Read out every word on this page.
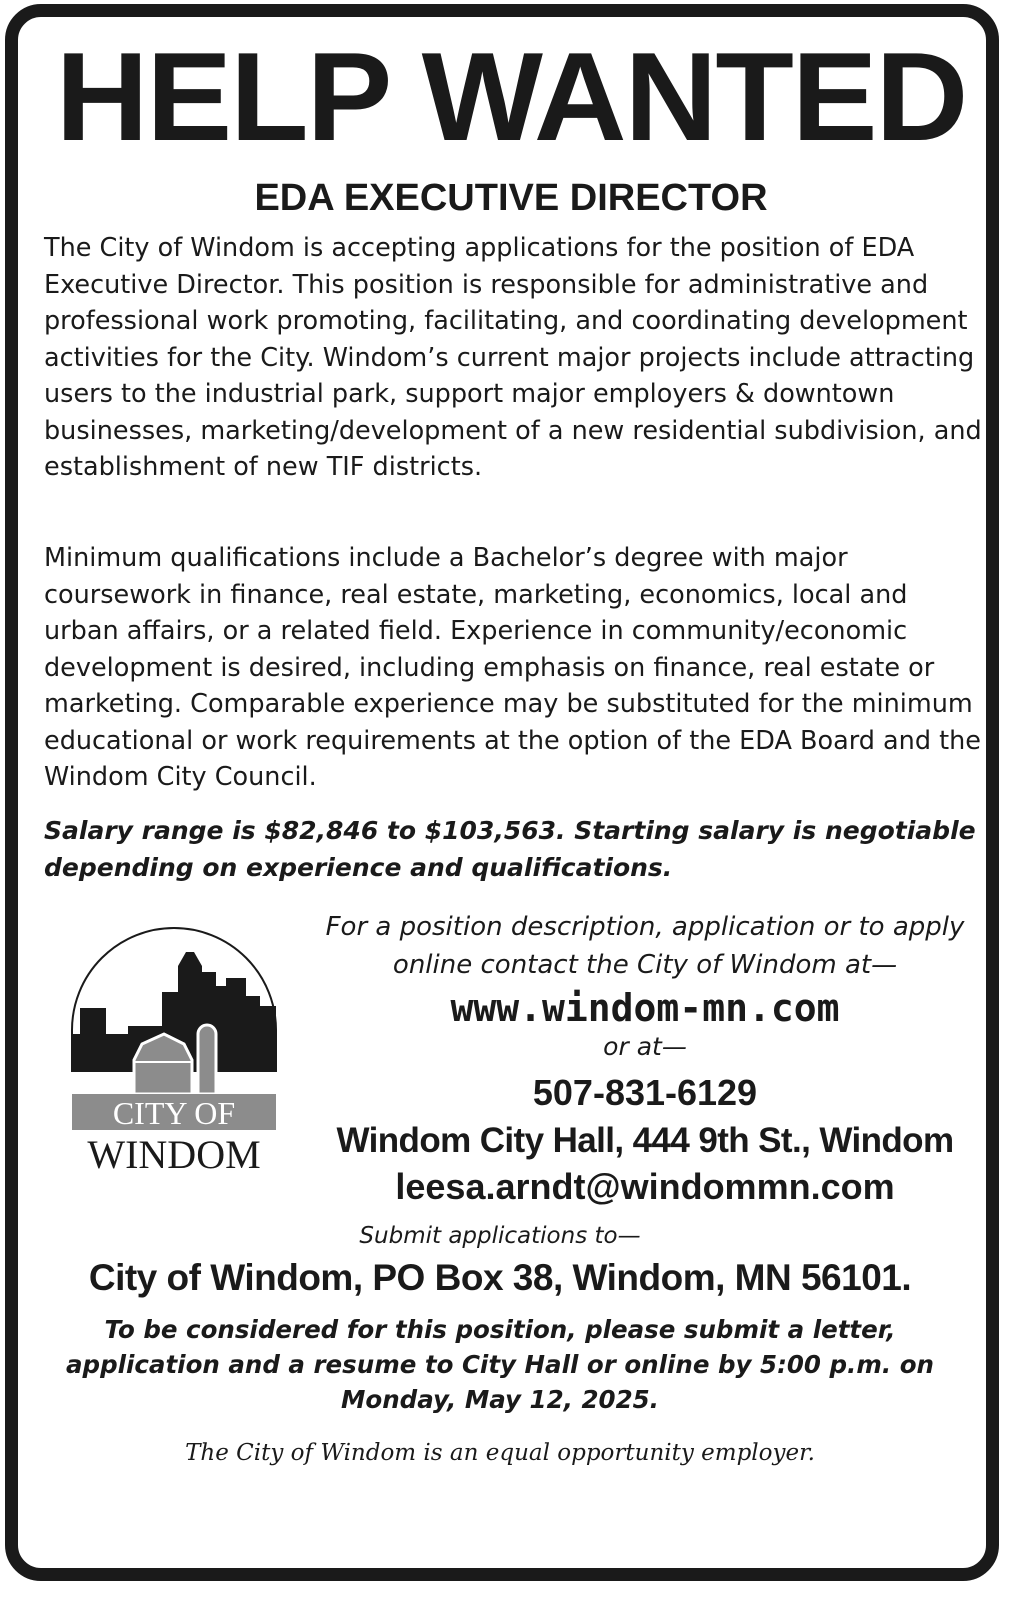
HELP WANTED
EDA EXECUTIVE DIRECTOR

The City of Windom is accepting applications for the position of EDA Executive Director. This position is responsible for administrative and professional work promoting, facilitating, and coordinating development activities for the City. Windom’s current major projects include attracting users to the industrial park, support major employers & downtown businesses, marketing/development of a new residential subdivision, and establishment of new TIF districts.

Minimum qualifications include a Bachelor’s degree with major coursework in finance, real estate, marketing, economics, local and urban affairs, or a related field. Experience in community/economic development is desired, including emphasis on finance, real estate or marketing. Comparable experience may be substituted for the minimum educational or work requirements at the option of the EDA Board and the Windom City Council.

Salary range is $82,846 to $103,563. Starting salary is negotiable depending on experience and qualifications.

CITY OF
WINDOM
For a position description, application or to apply online contact the City of Windom at—
www.windom-mn.com
or at—
507-831-6129
Windom City Hall, 444 9th St., Windom
leesa.arndt@windommn.com
Submit applications to—
City of Windom, PO Box 38, Windom, MN 56101.

To be considered for this position, please submit a letter, application and a resume to City Hall or online by 5:00 p.m. on Monday, May 12, 2025.

The City of Windom is an equal opportunity employer.
